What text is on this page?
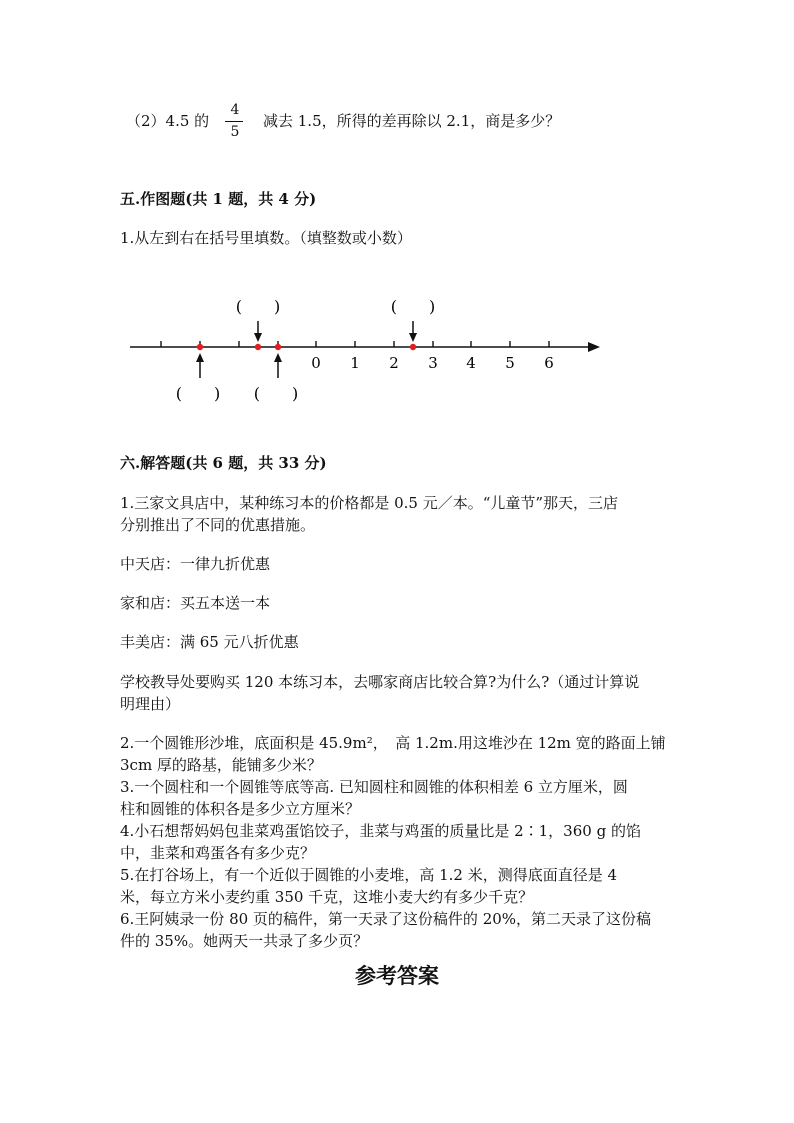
（2）4.5 的
4
5
减去 1.5，所得的差再除以 2.1，商是多少？
五.作图题(共 1 题，共 4 分)
1.从左到右在括号里填数。（填整数或小数）
0 1 2 3 4 5 6
(　　)	(　　)
(　　) (　　)
六.解答题(共 6 题，共 33 分)
1.三家文具店中，某种练习本的价格都是 0.5 元／本。“儿童节”那天，三店
分别推出了不同的优惠措施。
中天店：一律九折优惠
家和店：买五本送一本
丰美店：满 65 元八折优惠
学校教导处要购买 120 本练习本，去哪家商店比较合算?为什么?（通过计算说
明理由）
2.一个圆锥形沙堆，底面积是 45.9m²，　高 1.2m.用这堆沙在 12m 宽的路面上铺
3cm 厚的路基，能铺多少米？
3.一个圆柱和一个圆锥等底等高. 已知圆柱和圆锥的体积相差 6 立方厘米，圆
柱和圆锥的体积各是多少立方厘米？
4.小石想帮妈妈包韭菜鸡蛋馅饺子，韭菜与鸡蛋的质量比是 2∶1，360 g 的馅
中，韭菜和鸡蛋各有多少克？
5.在打谷场上，有一个近似于圆锥的小麦堆，高 1.2 米，测得底面直径是 4
米，每立方米小麦约重 350 千克，这堆小麦大约有多少千克？
6.王阿姨录一份 80 页的稿件，第一天录了这份稿件的 20%，第二天录了这份稿
件的 35%。她两天一共录了多少页？
参考答案
